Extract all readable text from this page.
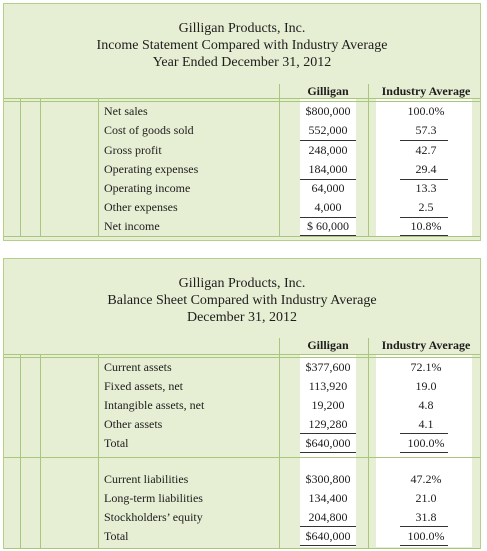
Gilligan Products, Inc.
Income Statement Compared with Industry Average
Year Ended December 31, 2012
Gilligan	Industry Average
Net sales	$800,000	100.0%
Cost of goods sold	552,000	57.3
Gross profit	248,000	42.7
Operating expenses	184,000	29.4
Operating income	64,000	13.3
Other expenses	4,000	2.5
Net income	$ 60,000	10.8%
Gilligan Products, Inc.
Balance Sheet Compared with Industry Average
December 31, 2012
Gilligan	Industry Average
Current assets	$377,600	72.1%
Fixed assets, net	113,920	19.0
Intangible assets, net	19,200	4.8
Other assets	129,280	4.1
Total	$640,000	100.0%
Current liabilities	$300,800	47.2%
Long-term liabilities	134,400	21.0
Stockholders’ equity	204,800	31.8
Total	$640,000	100.0%
